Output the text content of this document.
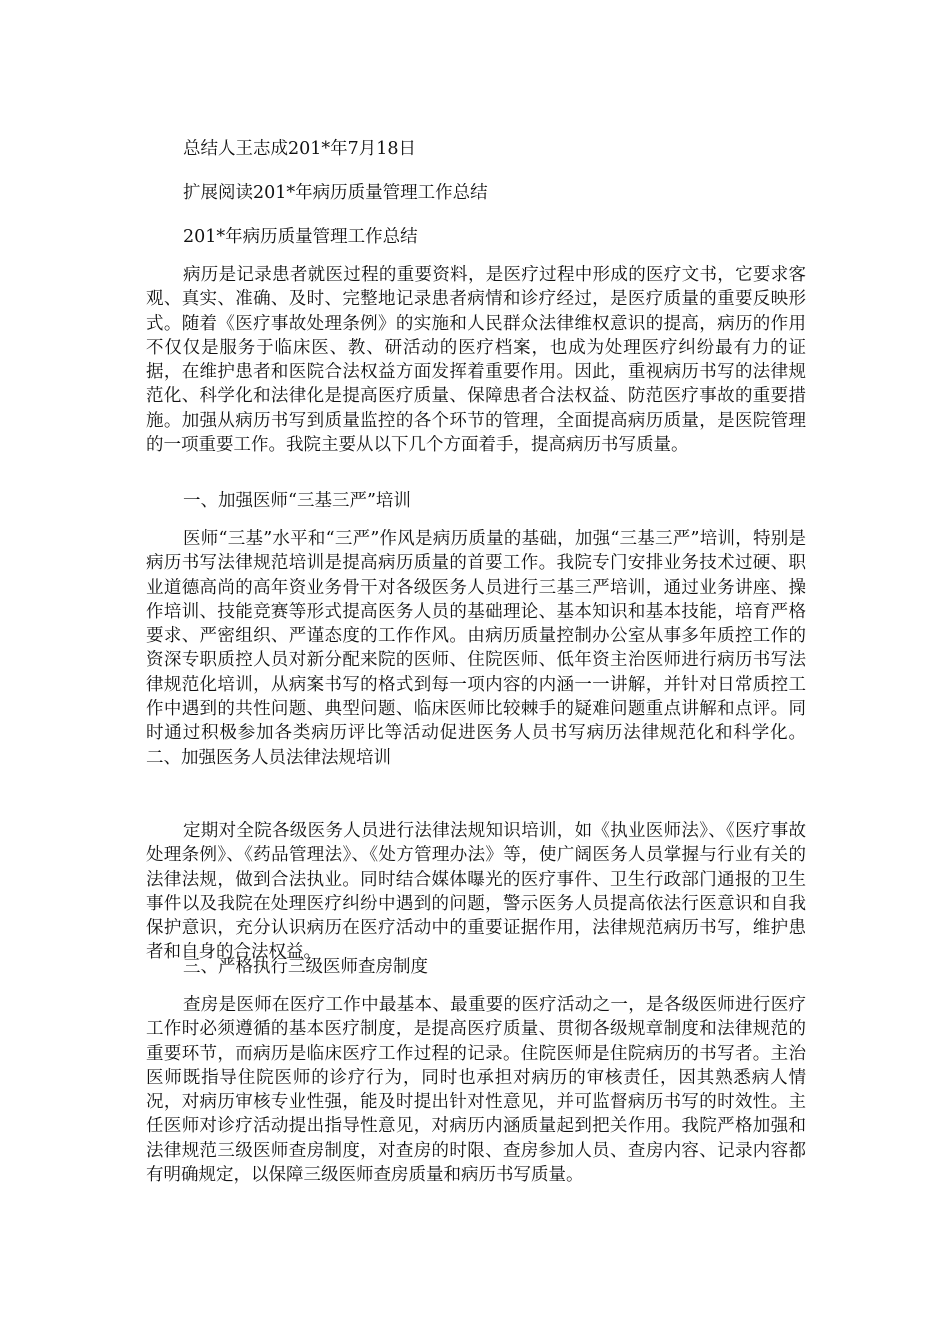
总结人王志成201*年7月18日
扩展阅读201*年病历质量管理工作总结
201*年病历质量管理工作总结

病历是记录患者就医过程的重要资料，是医疗过程中形成的医疗文书，它要求客观、真实、准确、及时、完整地记录患者病情和诊疗经过，是医疗质量的重要反映形式。随着《医疗事故处理条例》的实施和人民群众法律维权意识的提高，病历的作用不仅仅是服务于临床医、教、研活动的医疗档案，也成为处理医疗纠纷最有力的证据，在维护患者和医院合法权益方面发挥着重要作用。因此，重视病历书写的法律规范化、科学化和法律化是提高医疗质量、保障患者合法权益、防范医疗事故的重要措施。加强从病历书写到质量监控的各个环节的管理，全面提高病历质量，是医院管理的一项重要工作。我院主要从以下几个方面着手，提高病历书写质量。

一、加强医师“三基三严”培训

医师“三基”水平和“三严”作风是病历质量的基础，加强“三基三严”培训，特别是病历书写法律规范培训是提高病历质量的首要工作。我院专门安排业务技术过硬、职业道德高尚的高年资业务骨干对各级医务人员进行三基三严培训，通过业务讲座、操作培训、技能竞赛等形式提高医务人员的基础理论、基本知识和基本技能，培育严格要求、严密组织、严谨态度的工作作风。由病历质量控制办公室从事多年质控工作的资深专职质控人员对新分配来院的医师、住院医师、低年资主治医师进行病历书写法律规范化培训，从病案书写的格式到每一项内容的内涵一一讲解，并针对日常质控工作中遇到的共性问题、典型问题、临床医师比较棘手的疑难问题重点讲解和点评。同时通过积极参加各类病历评比等活动促进医务人员书写病历法律规范化和科学化。二、加强医务人员法律法规培训

定期对全院各级医务人员进行法律法规知识培训，如《执业医师法》、《医疗事故处理条例》、《药品管理法》、《处方管理办法》等，使广阔医务人员掌握与行业有关的法律法规，做到合法执业。同时结合媒体曝光的医疗事件、卫生行政部门通报的卫生事件以及我院在处理医疗纠纷中遇到的问题，警示医务人员提高依法行医意识和自我保护意识，充分认识病历在医疗活动中的重要证据作用，法律规范病历书写，维护患者和自身的合法权益。

三、严格执行三级医师查房制度

查房是医师在医疗工作中最基本、最重要的医疗活动之一，是各级医师进行医疗工作时必须遵循的基本医疗制度，是提高医疗质量、贯彻各级规章制度和法律规范的重要环节，而病历是临床医疗工作过程的记录。住院医师是住院病历的书写者。主治医师既指导住院医师的诊疗行为，同时也承担对病历的审核责任，因其熟悉病人情况，对病历审核专业性强，能及时提出针对性意见，并可监督病历书写的时效性。主任医师对诊疗活动提出指导性意见，对病历内涵质量起到把关作用。我院严格加强和法律规范三级医师查房制度，对查房的时限、查房参加人员、查房内容、记录内容都有明确规定，以保障三级医师查房质量和病历书写质量。
